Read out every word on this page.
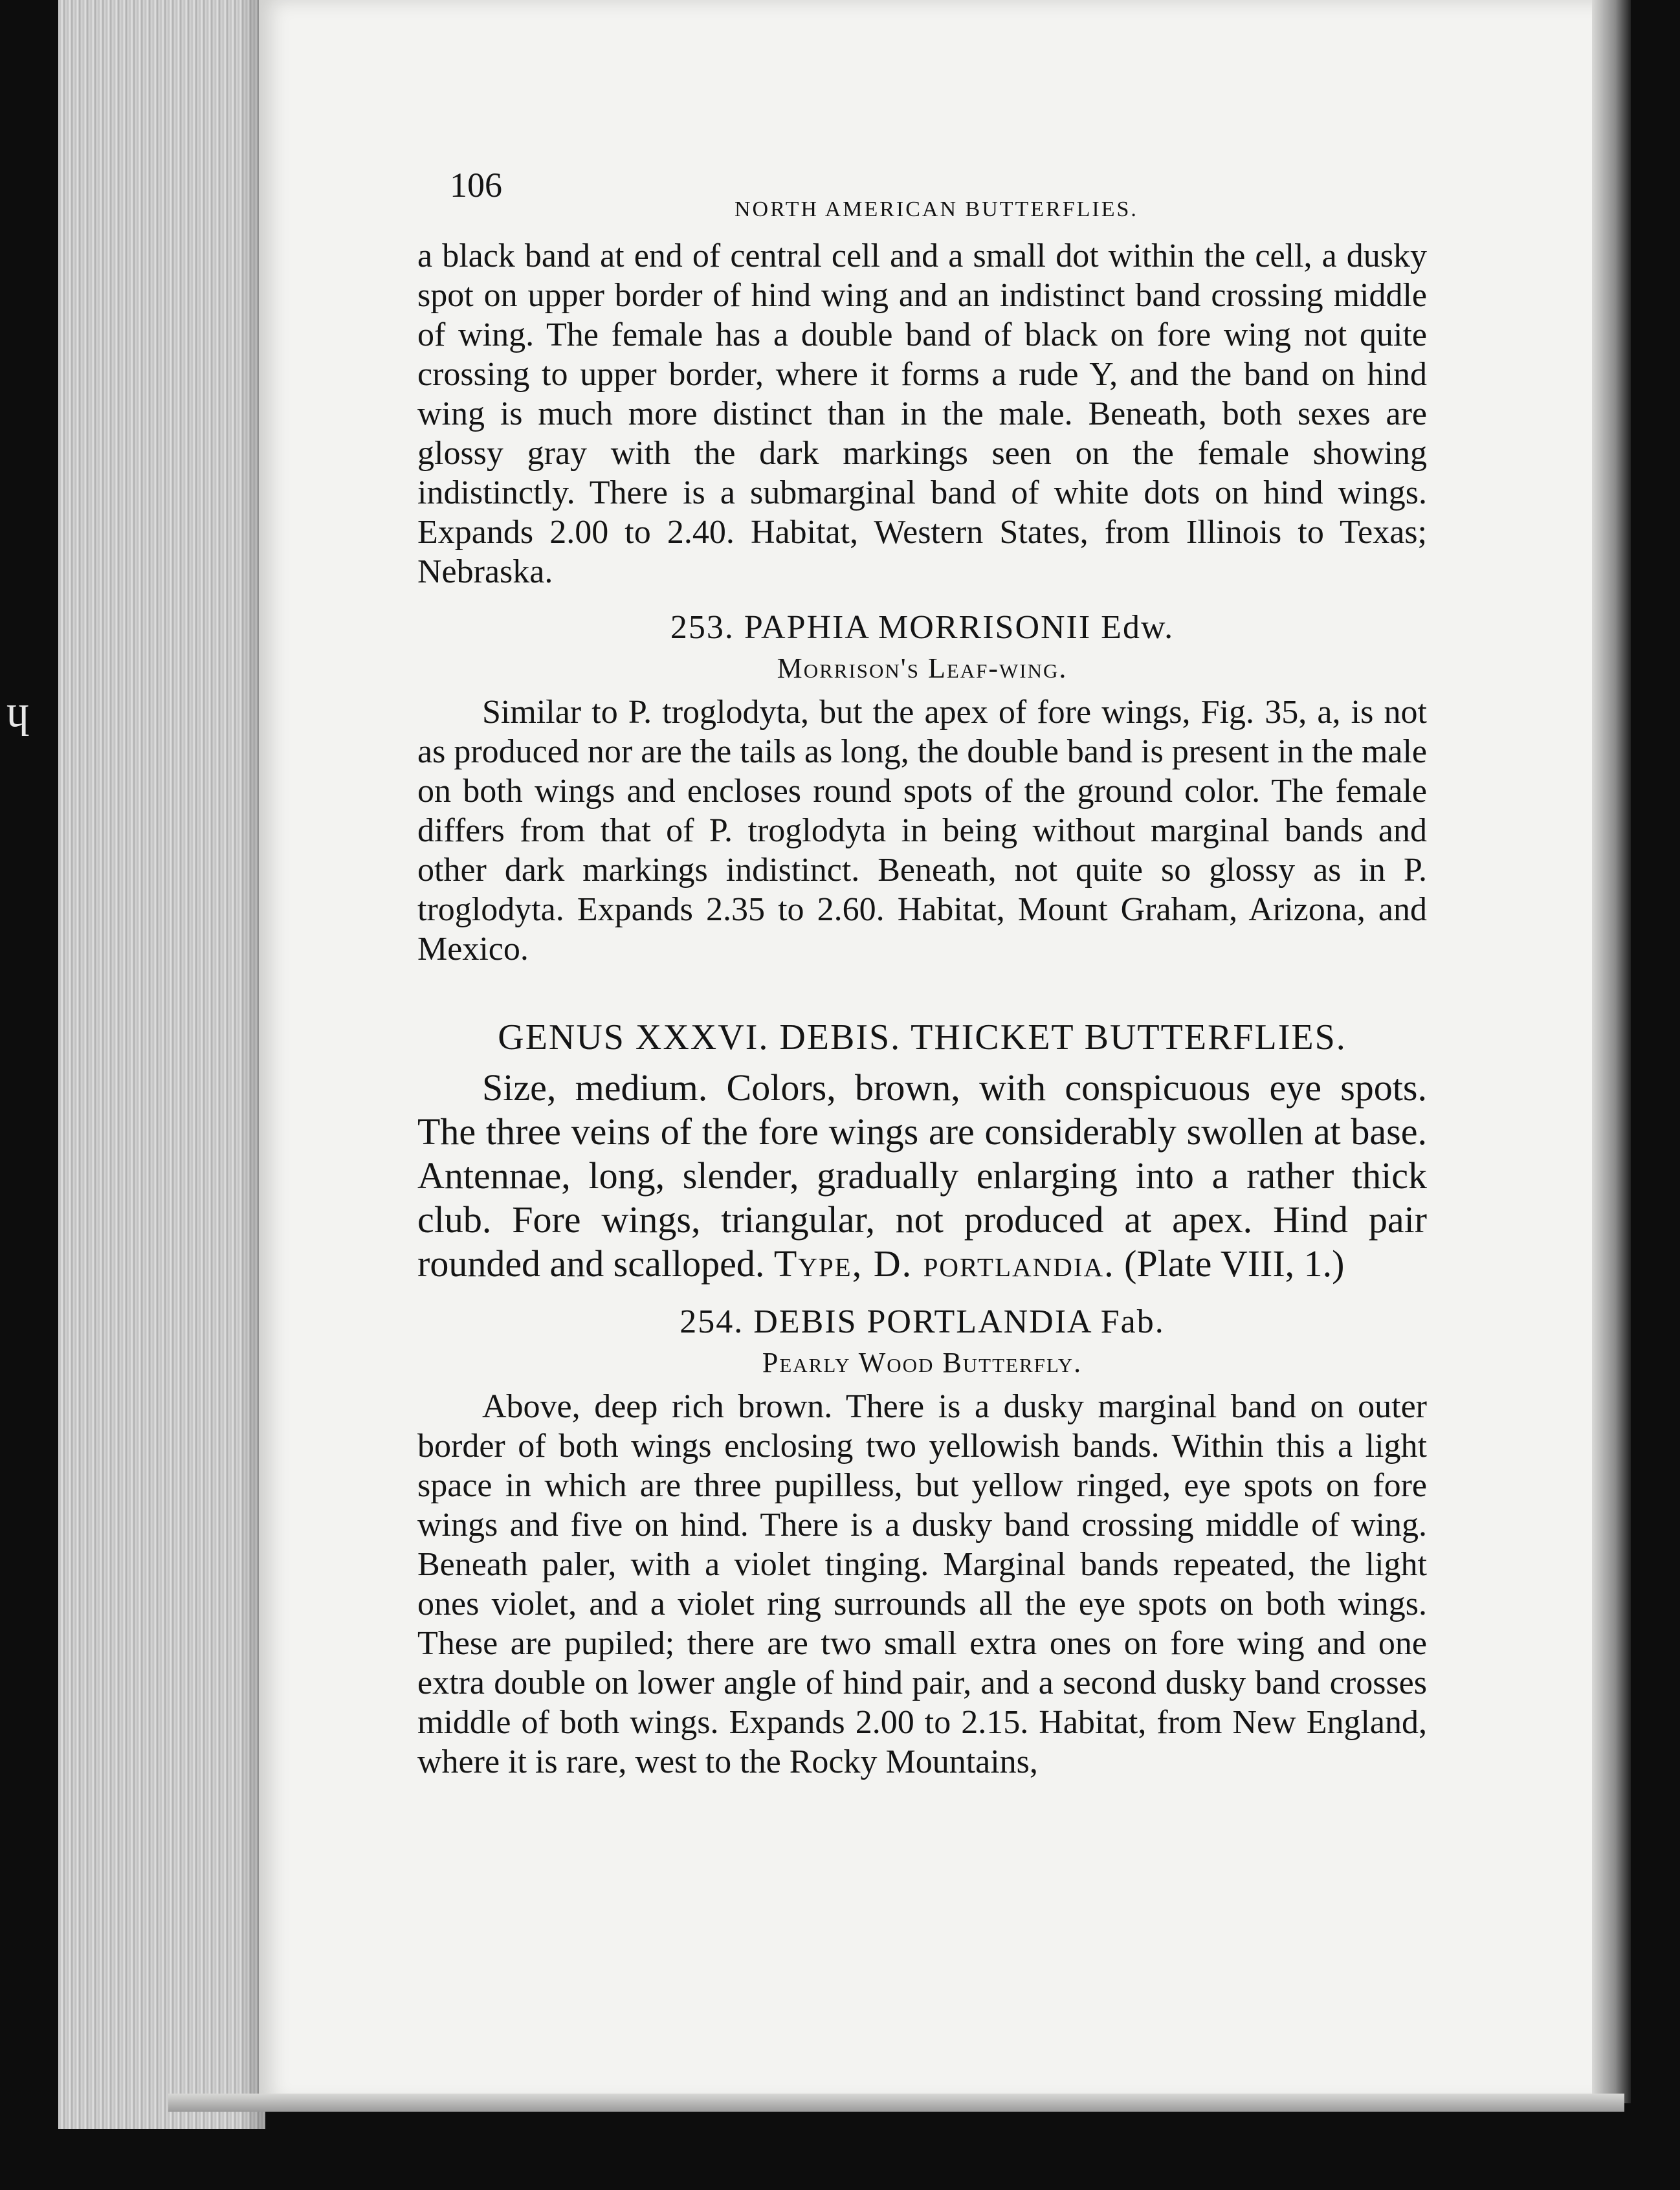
ɥ
106
NORTH AMERICAN BUTTERFLIES.

a black band at end of central cell and a small dot within the cell, a dusky spot on upper border of hind wing and an indistinct band crossing middle of wing. The female has a double band of black on fore wing not quite crossing to upper border, where it forms a rude Y, and the band on hind wing is much more distinct than in the male. Beneath, both sexes are glossy gray with the dark markings seen on the female showing indistinctly. There is a submarginal band of white dots on hind wings. Expands 2.00 to 2.40. Habitat, Western States, from Illinois to Texas; Nebraska.

253. PAPHIA MORRISONII Edw.

Morrison's Leaf-wing.

Similar to P. troglodyta, but the apex of fore wings, Fig. 35, a, is not as produced nor are the tails as long, the double band is present in the male on both wings and encloses round spots of the ground color. The female differs from that of P. troglodyta in being without marginal bands and other dark markings indistinct. Beneath, not quite so glossy as in P. troglodyta. Expands 2.35 to 2.60. Habitat, Mount Graham, Arizona, and Mexico.

GENUS XXXVI. DEBIS. THICKET BUTTERFLIES.

Size, medium. Colors, brown, with conspicuous eye spots. The three veins of the fore wings are considerably swollen at base. Antennae, long, slender, gradually enlarging into a rather thick club. Fore wings, triangular, not produced at apex. Hind pair rounded and scalloped. Type, D. portlandia. (Plate VIII, 1.)

254. DEBIS PORTLANDIA Fab.

Pearly Wood Butterfly.

Above, deep rich brown. There is a dusky marginal band on outer border of both wings enclosing two yellowish bands. Within this a light space in which are three pupilless, but yellow ringed, eye spots on fore wings and five on hind. There is a dusky band crossing middle of wing. Beneath paler, with a violet tinging. Marginal bands repeated, the light ones violet, and a violet ring surrounds all the eye spots on both wings. These are pupiled; there are two small extra ones on fore wing and one extra double on lower angle of hind pair, and a second dusky band crosses middle of both wings. Expands 2.00 to 2.15. Habitat, from New England, where it is rare, west to the Rocky Mountains,
